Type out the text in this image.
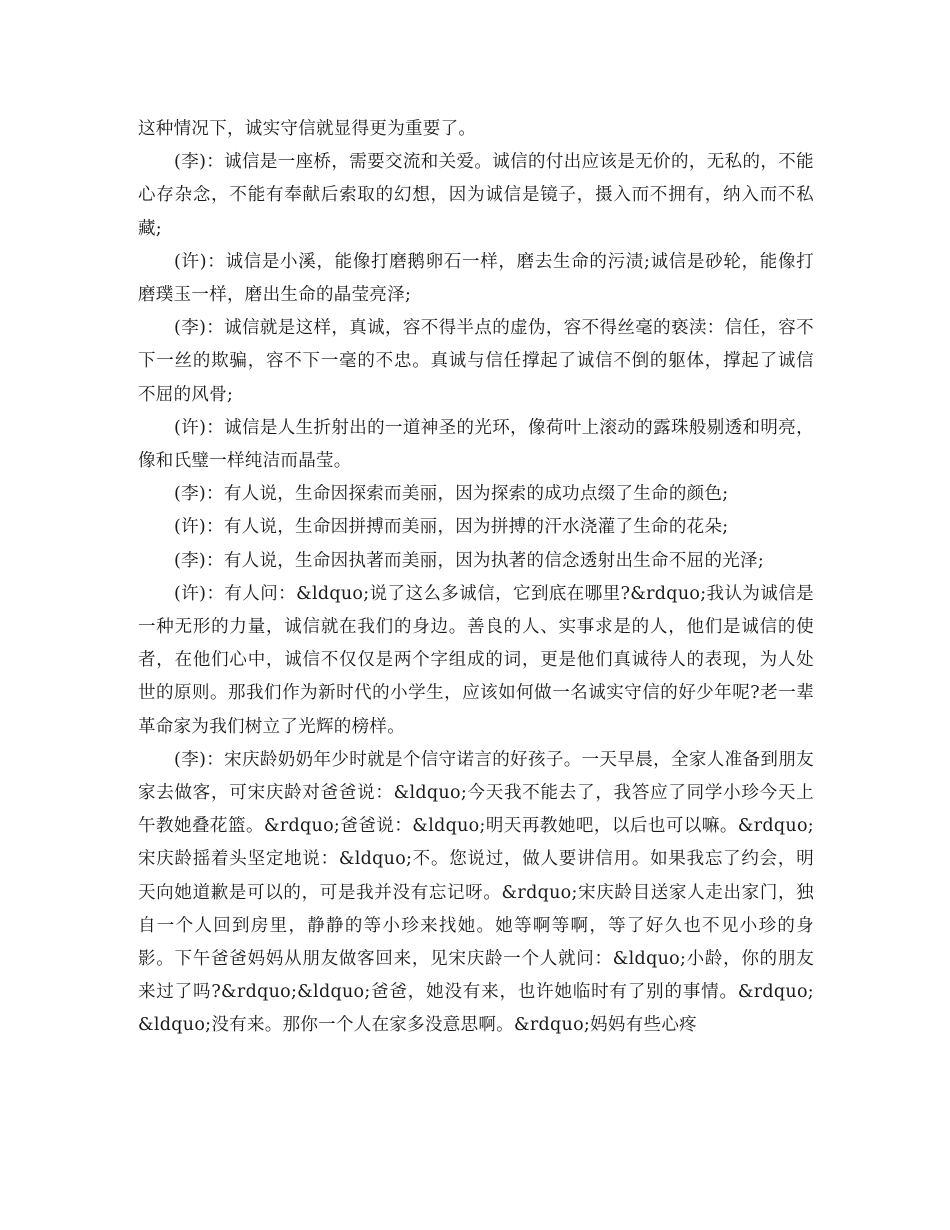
这种情况下，诚实守信就显得更为重要了。

(李)：诚信是一座桥，需要交流和关爱。诚信的付出应该是无价的，无私的，不能心存杂念，不能有奉献后索取的幻想，因为诚信是镜子，摄入而不拥有，纳入而不私藏;

(许)：诚信是小溪，能像打磨鹅卵石一样，磨去生命的污渍;诚信是砂轮，能像打磨璞玉一样，磨出生命的晶莹亮泽;

(李)：诚信就是这样，真诚，容不得半点的虚伪，容不得丝毫的亵渎：信任，容不下一丝的欺骗，容不下一毫的不忠。真诚与信任撑起了诚信不倒的躯体，撑起了诚信不屈的风骨;

(许)：诚信是人生折射出的一道神圣的光环，像荷叶上滚动的露珠般剔透和明亮，像和氏璧一样纯洁而晶莹。

(李)：有人说，生命因探索而美丽，因为探索的成功点缀了生命的颜色;

(许)：有人说，生命因拼搏而美丽，因为拼搏的汗水浇灌了生命的花朵;

(李)：有人说，生命因执著而美丽，因为执著的信念透射出生命不屈的光泽;

(许)：有人问：&ldquo;说了这么多诚信，它到底在哪里?&rdquo;我认为诚信是一种无形的力量，诚信就在我们的身边。善良的人、实事求是的人，他们是诚信的使者，在他们心中，诚信不仅仅是两个字组成的词，更是他们真诚待人的表现，为人处世的原则。那我们作为新时代的小学生，应该如何做一名诚实守信的好少年呢?老一辈革命家为我们树立了光辉的榜样。

(李)：宋庆龄奶奶年少时就是个信守诺言的好孩子。一天早晨，全家人准备到朋友家去做客，可宋庆龄对爸爸说：&ldquo;今天我不能去了，我答应了同学小珍今天上午教她叠花篮。&rdquo;爸爸说：&ldquo;明天再教她吧，以后也可以嘛。&rdquo;宋庆龄摇着头坚定地说：&ldquo;不。您说过，做人要讲信用。如果我忘了约会，明天向她道歉是可以的，可是我并没有忘记呀。&rdquo;宋庆龄目送家人走出家门，独自一个人回到房里，静静的等小珍来找她。她等啊等啊，等了好久也不见小珍的身影。下午爸爸妈妈从朋友做客回来，见宋庆龄一个人就问：&ldquo;小龄，你的朋友来过了吗?&rdquo;&ldquo;爸爸，她没有来，也许她临时有了别的事情。&rdquo;&ldquo;没有来。那你一个人在家多没意思啊。&rdquo;妈妈有些心疼
